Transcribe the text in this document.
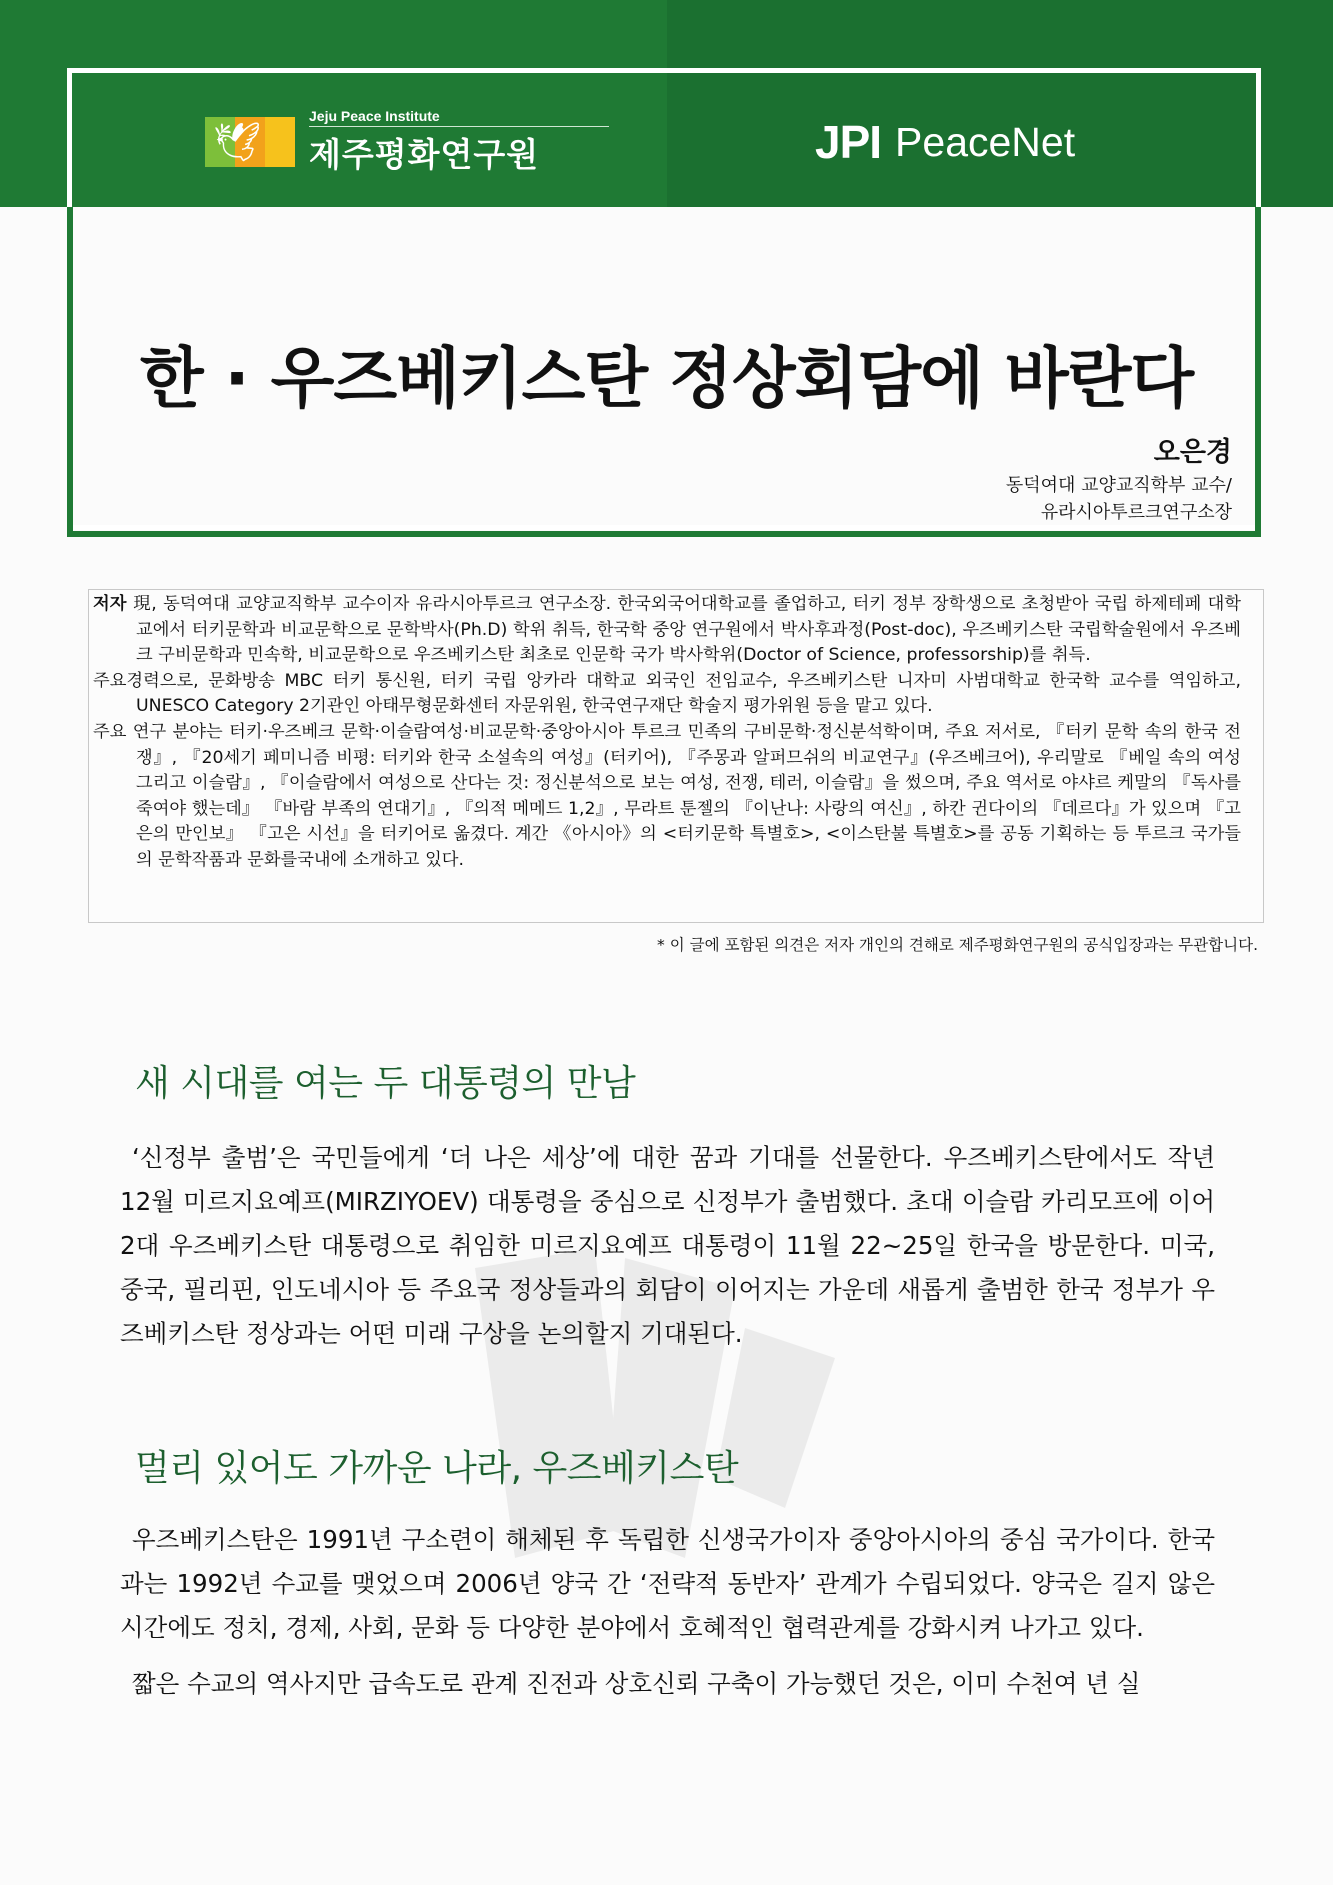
🕊
Jeju Peace Institute
제주평화연구원	JPI PeaceNet
한 · 우즈베키스탄 정상회담에 바란다
오은경
동덕여대 교양교직학부 교수/
유라시아투르크연구소장

저자 現, 동덕여대 교양교직학부 교수이자 유라시아투르크 연구소장. 한국외국어대학교를 졸업하고, 터키 정부 장학생으로 초청받아 국립 하제테페 대학교에서 터키문학과 비교문학으로 문학박사(Ph.D) 학위 취득, 한국학 중앙 연구원에서 박사후과정(Post-doc), 우즈베키스탄 국립학술원에서 우즈베크 구비문학과 민속학, 비교문학으로 우즈베키스탄 최초로 인문학 국가 박사학위(Doctor of Science, professorship)를 취득.

주요경력으로, 문화방송 MBC 터키 통신원, 터키 국립 앙카라 대학교 외국인 전임교수, 우즈베키스탄 니자미 사범대학교 한국학 교수를 역임하고, UNESCO Category 2기관인 아태무형문화센터 자문위원, 한국연구재단 학술지 평가위원 등을 맡고 있다.

주요 연구 분야는 터키·우즈베크 문학·이슬람여성·비교문학·중앙아시아 투르크 민족의 구비문학·정신분석학이며, 주요 저서로, 『터키 문학 속의 한국 전쟁』, 『20세기 페미니즘 비평: 터키와 한국 소설속의 여성』(터키어), 『주몽과 알퍼므쉬의 비교연구』(우즈베크어), 우리말로 『베일 속의 여성 그리고 이슬람』, 『이슬람에서 여성으로 산다는 것: 정신분석으로 보는 여성, 전쟁, 테러, 이슬람』을 썼으며, 주요 역서로 야샤르 케말의 『독사를 죽여야 했는데』 『바람 부족의 연대기』, 『의적 메메드 1,2』, 무라트 툰젤의 『이난나: 사랑의 여신』, 하칸 귄다이의 『데르다』가 있으며 『고은의 만인보』 『고은 시선』을 터키어로 옮겼다. 계간 《아시아》의 <터키문학 특별호>, <이스탄불 특별호>를 공동 기획하는 등 투르크 국가들의 문학작품과 문화를국내에 소개하고 있다.

* 이 글에 포함된 의견은 저자 개인의 견해로 제주평화연구원의 공식입장과는 무관합니다.
새 시대를 여는 두 대통령의 만남

‘신정부 출범’은 국민들에게 ‘더 나은 세상’에 대한 꿈과 기대를 선물한다. 우즈베키스탄에서도 작년 12월 미르지요예프(MIRZIYOEV) 대통령을 중심으로 신정부가 출범했다. 초대 이슬람 카리모프에 이어 2대 우즈베키스탄 대통령으로 취임한 미르지요예프 대통령이 11월 22~25일 한국을 방문한다. 미국, 중국, 필리핀, 인도네시아 등 주요국 정상들과의 회담이 이어지는 가운데 새롭게 출범한 한국 정부가 우즈베키스탄 정상과는 어떤 미래 구상을 논의할지 기대된다.

멀리 있어도 가까운 나라, 우즈베키스탄

우즈베키스탄은 1991년 구소련이 해체된 후 독립한 신생국가이자 중앙아시아의 중심 국가이다. 한국과는 1992년 수교를 맺었으며 2006년 양국 간 ‘전략적 동반자’ 관계가 수립되었다. 양국은 길지 않은 시간에도 정치, 경제, 사회, 문화 등 다양한 분야에서 호혜적인 협력관계를 강화시켜 나가고 있다.

짧은 수교의 역사지만 급속도로 관계 진전과 상호신뢰 구축이 가능했던 것은, 이미 수천여 년 실
